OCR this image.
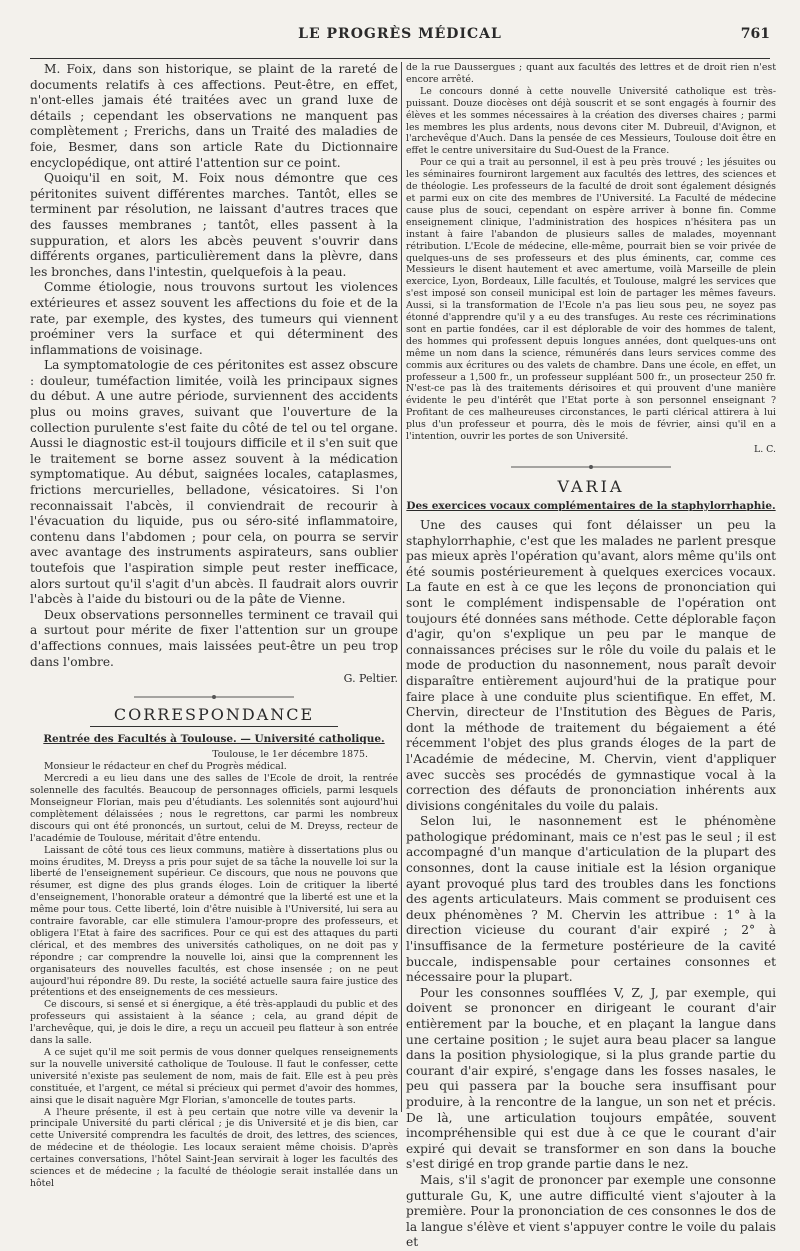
LE PROGRÈS MÉDICAL	761

M. Foix, dans son historique, se plaint de la rareté de documents relatifs à ces affections. Peut-être, en effet, n'ont-elles jamais été traitées avec un grand luxe de détails ; cependant les observations ne manquent pas complètement ; Frerichs, dans un Traité des maladies de foie, Besmer, dans son article Rate du Dictionnaire encyclopédique, ont attiré l'attention sur ce point.

Quoiqu'il en soit, M. Foix nous démontre que ces péritonites suivent différentes marches. Tantôt, elles se terminent par résolution, ne laissant d'autres traces que des fausses membranes ; tantôt, elles passent à la suppuration, et alors les abcès peuvent s'ouvrir dans différents organes, particulièrement dans la plèvre, dans les bronches, dans l'intestin, quelquefois à la peau.

Comme étiologie, nous trouvons surtout les violences extérieures et assez souvent les affections du foie et de la rate, par exemple, des kystes, des tumeurs qui viennent proéminer vers la surface et qui déterminent des inflammations de voisinage.

La symptomatologie de ces péritonites est assez obscure : douleur, tuméfaction limitée, voilà les principaux signes du début. A une autre période, surviennent des accidents plus ou moins graves, suivant que l'ouverture de la collection purulente s'est faite du côté de tel ou tel organe. Aussi le diagnostic est-il toujours difficile et il s'en suit que le traitement se borne assez souvent à la médication symptomatique. Au début, saignées locales, cataplasmes, frictions mercurielles, belladone, vésicatoires. Si l'on reconnaissait l'abcès, il conviendrait de recourir à l'évacuation du liquide, pus ou séro-sité inflammatoire, contenu dans l'abdomen ; pour cela, on pourra se servir avec avantage des instruments aspirateurs, sans oublier toutefois que l'aspiration simple peut rester inefficace, alors surtout qu'il s'agit d'un abcès. Il faudrait alors ouvrir l'abcès à l'aide du bistouri ou de la pâte de Vienne.

Deux observations personnelles terminent ce travail qui a surtout pour mérite de fixer l'attention sur un groupe d'affections connues, mais laissées peut-être un peu trop dans l'ombre.

G. Peltier.
CORRESPONDANCE
Rentrée des Facultés à Toulouse. — Université catholique.
Toulouse, le 1er décembre 1875.
Monsieur le rédacteur en chef du Progrès médical.

Mercredi a eu lieu dans une des salles de l'Ecole de droit, la rentrée solennelle des facultés. Beaucoup de personnages officiels, parmi lesquels Monseigneur Florian, mais peu d'étudiants. Les solennités sont aujourd'hui complètement délaissées ; nous le regrettons, car parmi les nombreux discours qui ont été prononcés, un surtout, celui de M. Dreyss, recteur de l'académie de Toulouse, méritait d'être entendu.

Laissant de côté tous ces lieux communs, matière à dissertations plus ou moins érudites, M. Dreyss a pris pour sujet de sa tâche la nouvelle loi sur la liberté de l'enseignement supérieur. Ce discours, que nous ne pouvons que résumer, est digne des plus grands éloges. Loin de critiquer la liberté d'enseignement, l'honorable orateur a démontré que la liberté est une et la même pour tous. Cette liberté, loin d'être nuisible à l'Université, lui sera au contraire favorable, car elle stimulera l'amour-propre des professeurs, et obligera l'Etat à faire des sacrifices. Pour ce qui est des attaques du parti clérical, et des membres des universités catholiques, on ne doit pas y répondre ; car comprendre la nouvelle loi, ainsi que la comprennent les organisateurs des nouvelles facultés, est chose insensée ; on ne peut aujourd'hui répondre 89. Du reste, la société actuelle saura faire justice des prétentions et des enseignements de ces messieurs.

Ce discours, si sensé et si énergique, a été très-applaudi du public et des professeurs qui assistaient à la séance ; cela, au grand dépit de l'archevêque, qui, je dois le dire, a reçu un accueil peu flatteur à son entrée dans la salle.

A ce sujet qu'il me soit permis de vous donner quelques renseignements sur la nouvelle université catholique de Toulouse. Il faut le confesser, cette université n'existe pas seulement de nom, mais de fait. Elle est à peu près constituée, et l'argent, ce métal si précieux qui permet d'avoir des hommes, ainsi que le disait naguère Mgr Florian, s'amoncelle de toutes parts.

A l'heure présente, il est à peu certain que notre ville va devenir la principale Université du parti clérical ; je dis Université et je dis bien, car cette Université comprendra les facultés de droit, des lettres, des sciences, de médecine et de théologie. Les locaux seraient même choisis. D'après certaines conversations, l'hôtel Saint-Jean servirait à loger les facultés des sciences et de médecine ; la faculté de théologie serait installée dans un hôtel

de la rue Daussergues ; quant aux facultés des lettres et de droit rien n'est encore arrêté.

Le concours donné à cette nouvelle Université catholique est très-puissant. Douze diocèses ont déjà souscrit et se sont engagés à fournir des élèves et les sommes nécessaires à la création des diverses chaires ; parmi les membres les plus ardents, nous devons citer M. Dubreuil, d'Avignon, et l'archevêque d'Auch. Dans la pensée de ces Messieurs, Toulouse doit être en effet le centre universitaire du Sud-Ouest de la France.

Pour ce qui a trait au personnel, il est à peu près trouvé ; les jésuites ou les séminaires fourniront largement aux facultés des lettres, des sciences et de théologie. Les professeurs de la faculté de droit sont également désignés et parmi eux on cite des membres de l'Université. La Faculté de médecine cause plus de souci, cependant on espère arriver à bonne fin. Comme enseignement clinique, l'administration des hospices n'hésitera pas un instant à faire l'abandon de plusieurs salles de malades, moyennant rétribution. L'Ecole de médecine, elle-même, pourrait bien se voir privée de quelques-uns de ses professeurs et des plus éminents, car, comme ces Messieurs le disent hautement et avec amertume, voilà Marseille de plein exercice, Lyon, Bordeaux, Lille facultés, et Toulouse, malgré les services que s'est imposé son conseil municipal est loin de partager les mêmes faveurs. Aussi, si la transformation de l'Ecole n'a pas lieu sous peu, ne soyez pas étonné d'apprendre qu'il y a eu des transfuges. Au reste ces récriminations sont en partie fondées, car il est déplorable de voir des hommes de talent, des hommes qui professent depuis longues années, dont quelques-uns ont même un nom dans la science, rémunérés dans leurs services comme des commis aux écritures ou des valets de chambre. Dans une école, en effet, un professeur a 1,500 fr., un professeur suppléant 500 fr., un prosecteur 250 fr. N'est-ce pas là des traitements dérisoires et qui prouvent d'une manière évidente le peu d'intérêt que l'Etat porte à son personnel enseignant ? Profitant de ces malheureuses circonstances, le parti clérical attirera à lui plus d'un professeur et pourra, dès le mois de février, ainsi qu'il en a l'intention, ouvrir les portes de son Université.

L. C.
VARIA
Des exercices vocaux complémentaires de la staphylorrhaphie.

Une des causes qui font délaisser un peu la staphylorrhaphie, c'est que les malades ne parlent presque pas mieux après l'opération qu'avant, alors même qu'ils ont été soumis postérieurement à quelques exercices vocaux. La faute en est à ce que les leçons de prononciation qui sont le complément indispensable de l'opération ont toujours été données sans méthode. Cette déplorable façon d'agir, qu'on s'explique un peu par le manque de connaissances précises sur le rôle du voile du palais et le mode de production du nasonnement, nous paraît devoir disparaître entièrement aujourd'hui de la pratique pour faire place à une conduite plus scientifique. En effet, M. Chervin, directeur de l'Institution des Bègues de Paris, dont la méthode de traitement du bégaiement a été récemment l'objet des plus grands éloges de la part de l'Académie de médecine, M. Chervin, vient d'appliquer avec succès ses procédés de gymnastique vocal à la correction des défauts de prononciation inhérents aux divisions congénitales du voile du palais.

Selon lui, le nasonnement est le phénomène pathologique prédominant, mais ce n'est pas le seul ; il est accompagné d'un manque d'articulation de la plupart des consonnes, dont la cause initiale est la lésion organique ayant provoqué plus tard des troubles dans les fonctions des agents articulateurs. Mais comment se produisent ces deux phénomènes ? M. Chervin les attribue : 1° à la direction vicieuse du courant d'air expiré ; 2° à l'insuffisance de la fermeture postérieure de la cavité buccale, indispensable pour certaines consonnes et nécessaire pour la plupart.

Pour les consonnes soufflées V, Z, J, par exemple, qui doivent se prononcer en dirigeant le courant d'air entièrement par la bouche, et en plaçant la langue dans une certaine position ; le sujet aura beau placer sa langue dans la position physiologique, si la plus grande partie du courant d'air expiré, s'engage dans les fosses nasales, le peu qui passera par la bouche sera insuffisant pour produire, à la rencontre de la langue, un son net et précis. De là, une articulation toujours empâtée, souvent incompréhensible qui est due à ce que le courant d'air expiré qui devait se transformer en son dans la bouche s'est dirigé en trop grande partie dans le nez.

Mais, s'il s'agit de prononcer par exemple une consonne gutturale Gu, K, une autre difficulté vient s'ajouter à la première. Pour la prononciation de ces consonnes le dos de la langue s'élève et vient s'appuyer contre le voile du palais et
